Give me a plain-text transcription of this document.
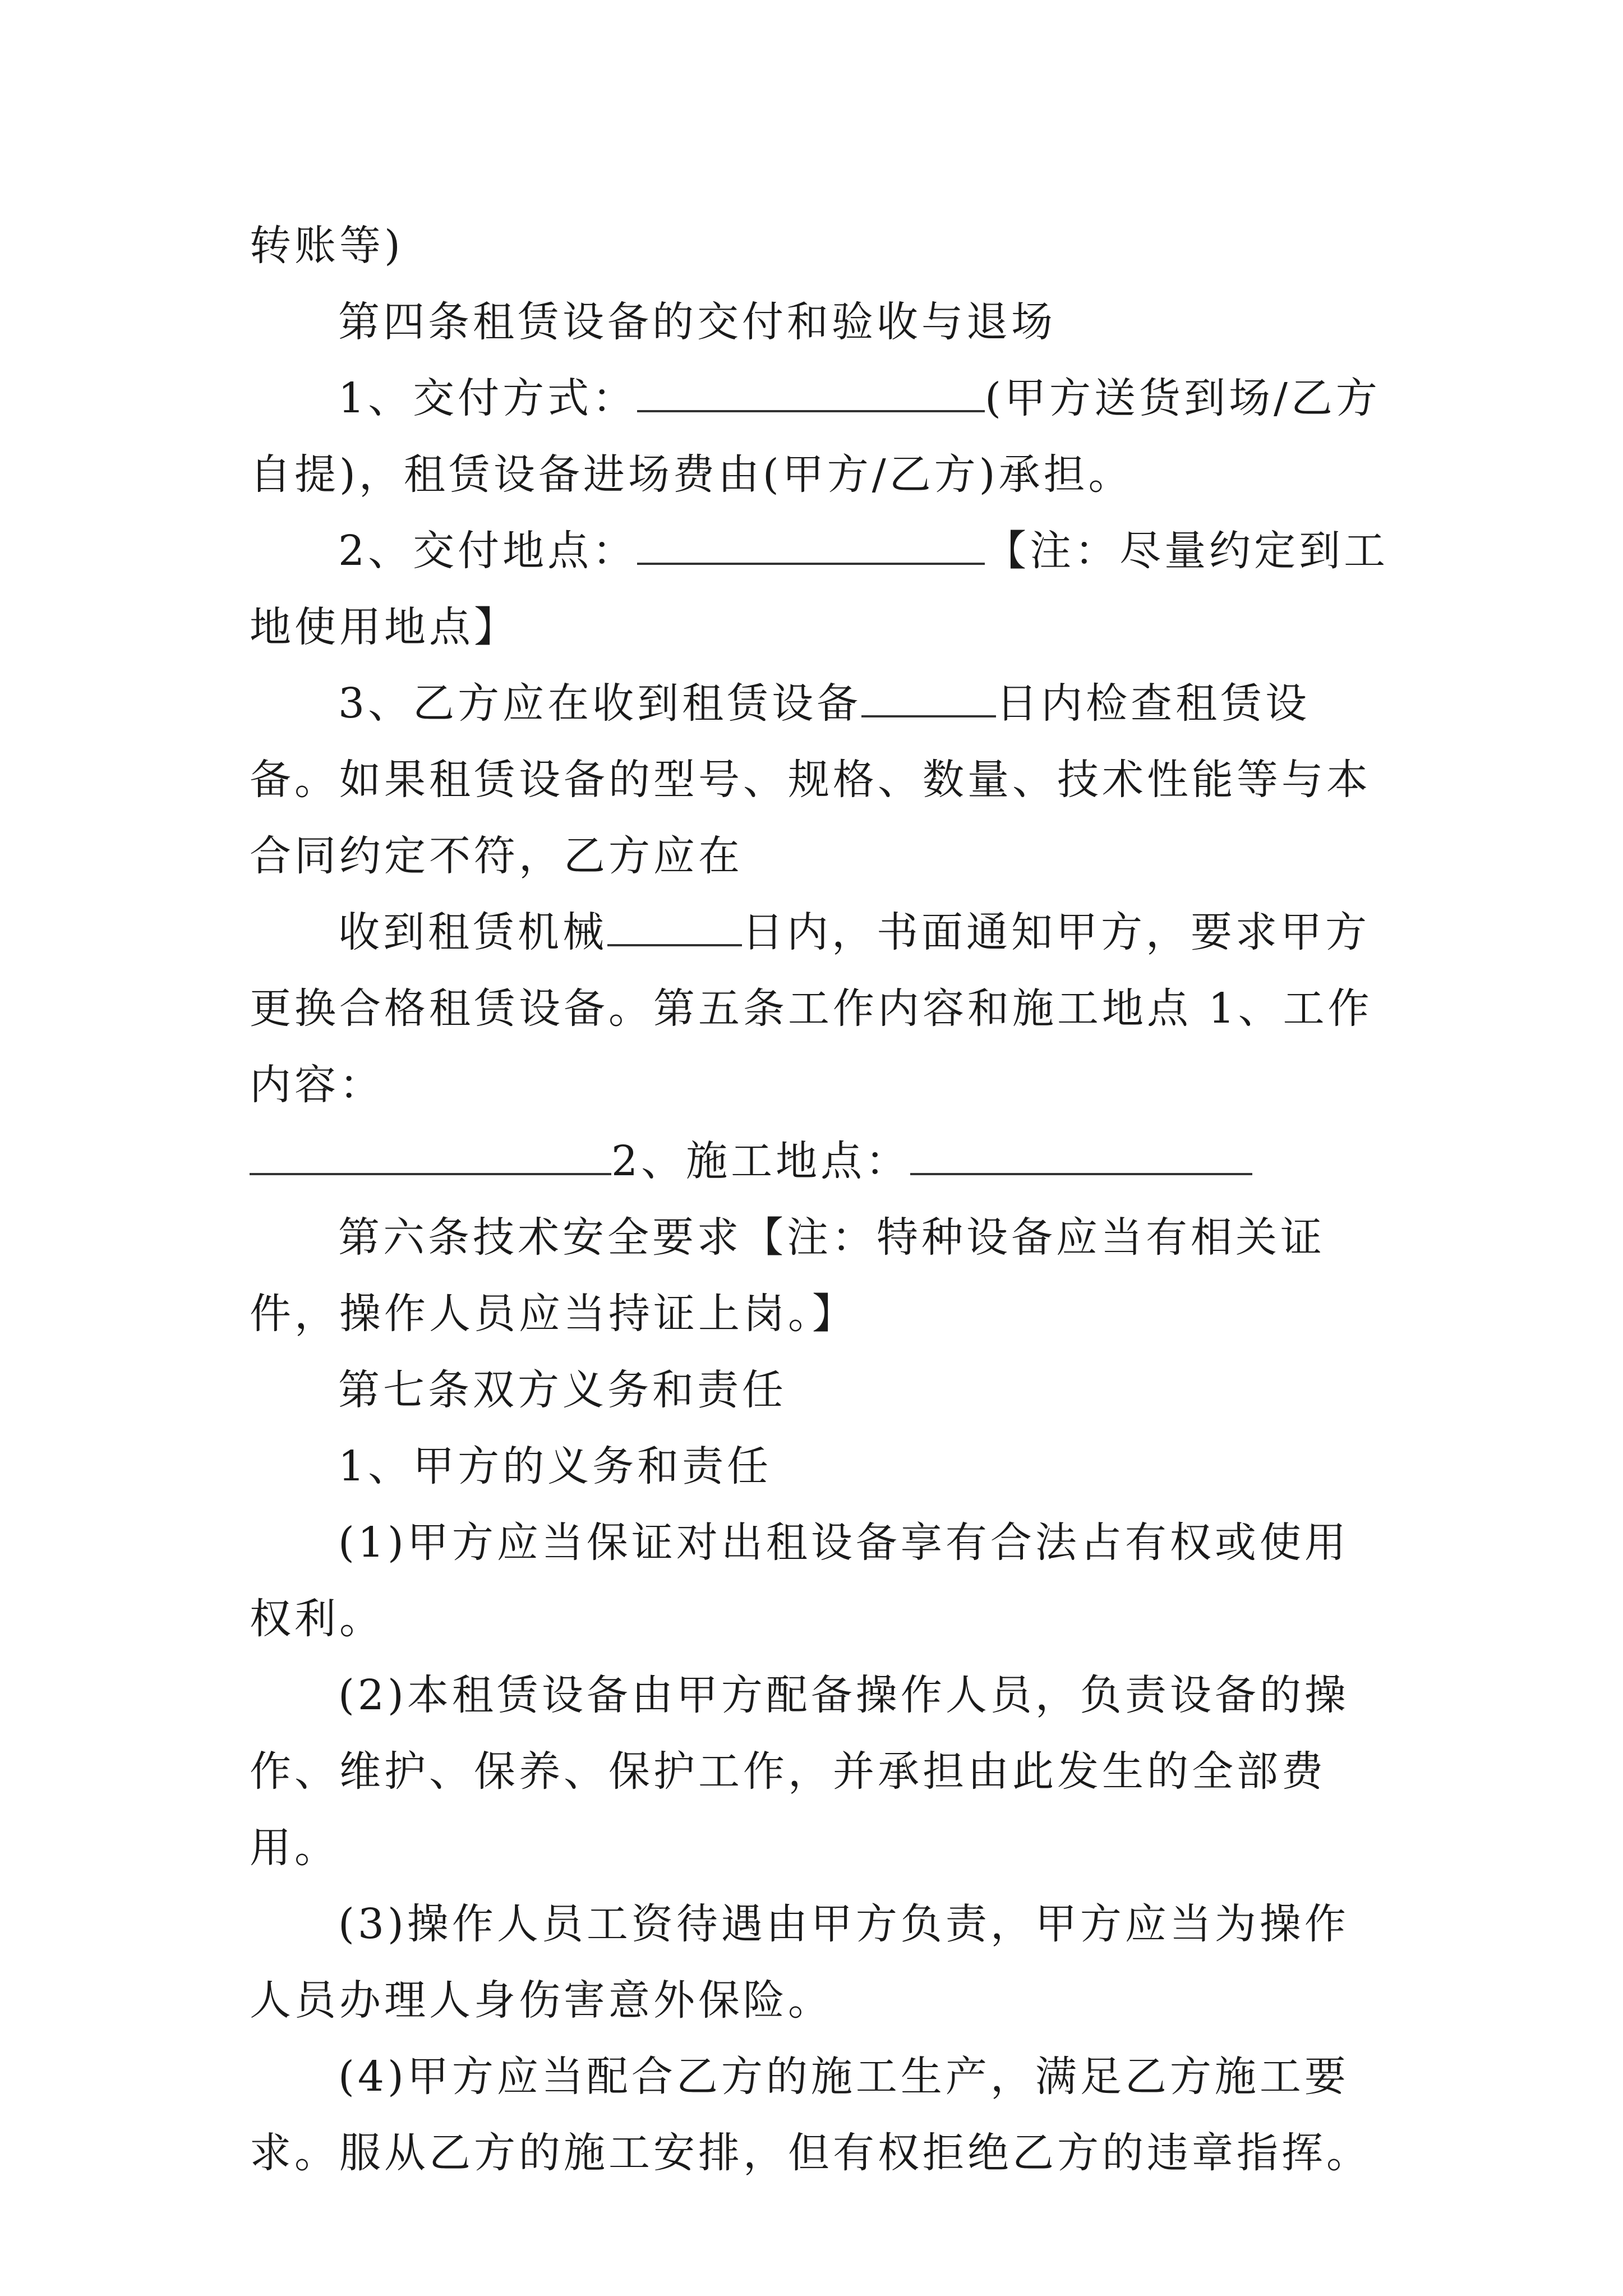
转账等)

第四条租赁设备的交付和验收与退场

1、交付方式：	(甲方送货到场/乙方自提)，租赁设备进场费由(甲方/乙方)承担。

2、交付地点：	【注：尽量约定到工地使用地点】

3、乙方应在收到租赁设备	日内检查租赁设备。如果租赁设备的型号、规格、数量、技术性能等与本合同约定不符，乙方应在

收到租赁机械	日内，书面通知甲方，要求甲方更换合格租赁设备。第五条工作内容和施工地点 1、工作内容：

2、施工地点：

第六条技术安全要求【注：特种设备应当有相关证件，操作人员应当持证上岗。】

第七条双方义务和责任

1、甲方的义务和责任

(1)甲方应当保证对出租设备享有合法占有权或使用权利。

(2)本租赁设备由甲方配备操作人员，负责设备的操作、维护、保养、保护工作，并承担由此发生的全部费用。

(3)操作人员工资待遇由甲方负责，甲方应当为操作人员办理人身伤害意外保险。

(4)甲方应当配合乙方的施工生产，满足乙方施工要求。服从乙方的施工安排，但有权拒绝乙方的违章指挥。
